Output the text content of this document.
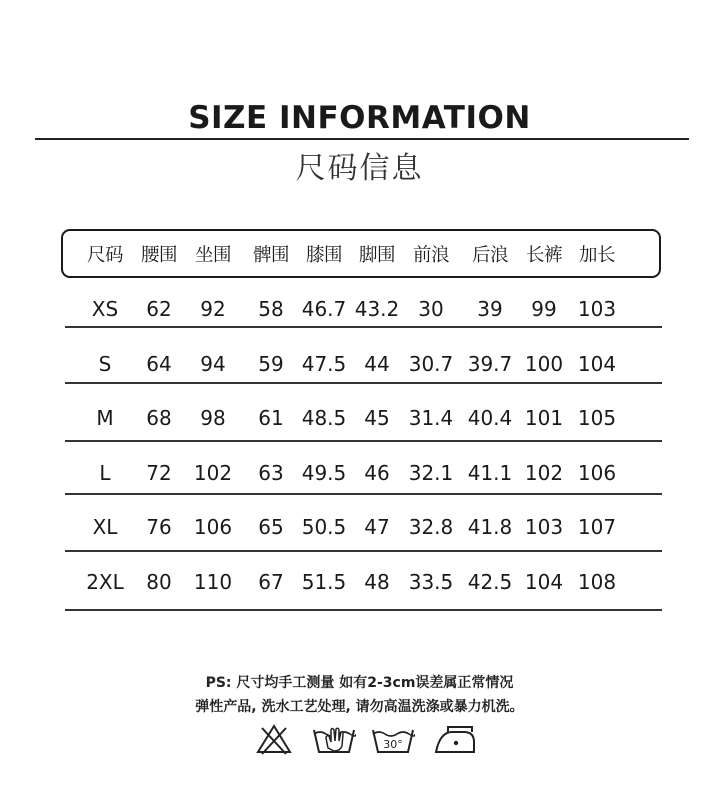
SIZE INFORMATION
尺码信息
尺码 腰围 坐围	髀围 膝围 脚围 前浪	后浪 长裤 加长
XS	62	92	58 46.7 43.2 30	39	99	103
S	64	94	59 47.5 44 30.7 39.7 100 104
M	68	98	61 48.5 45 31.4 40.4 101 105
L	72	102	63 49.5 46 32.1 41.1 102 106
XL	76	106	65 50.5 47 32.8 41.8 103 107
2XL	80	110	67 51.5 48 33.5 42.5 104 108
PS: 尺寸均手工测量 如有2-3cm误差属正常情况
弹性产品, 洗水工艺处理, 请勿高温洗涤或暴力机洗。
30°
